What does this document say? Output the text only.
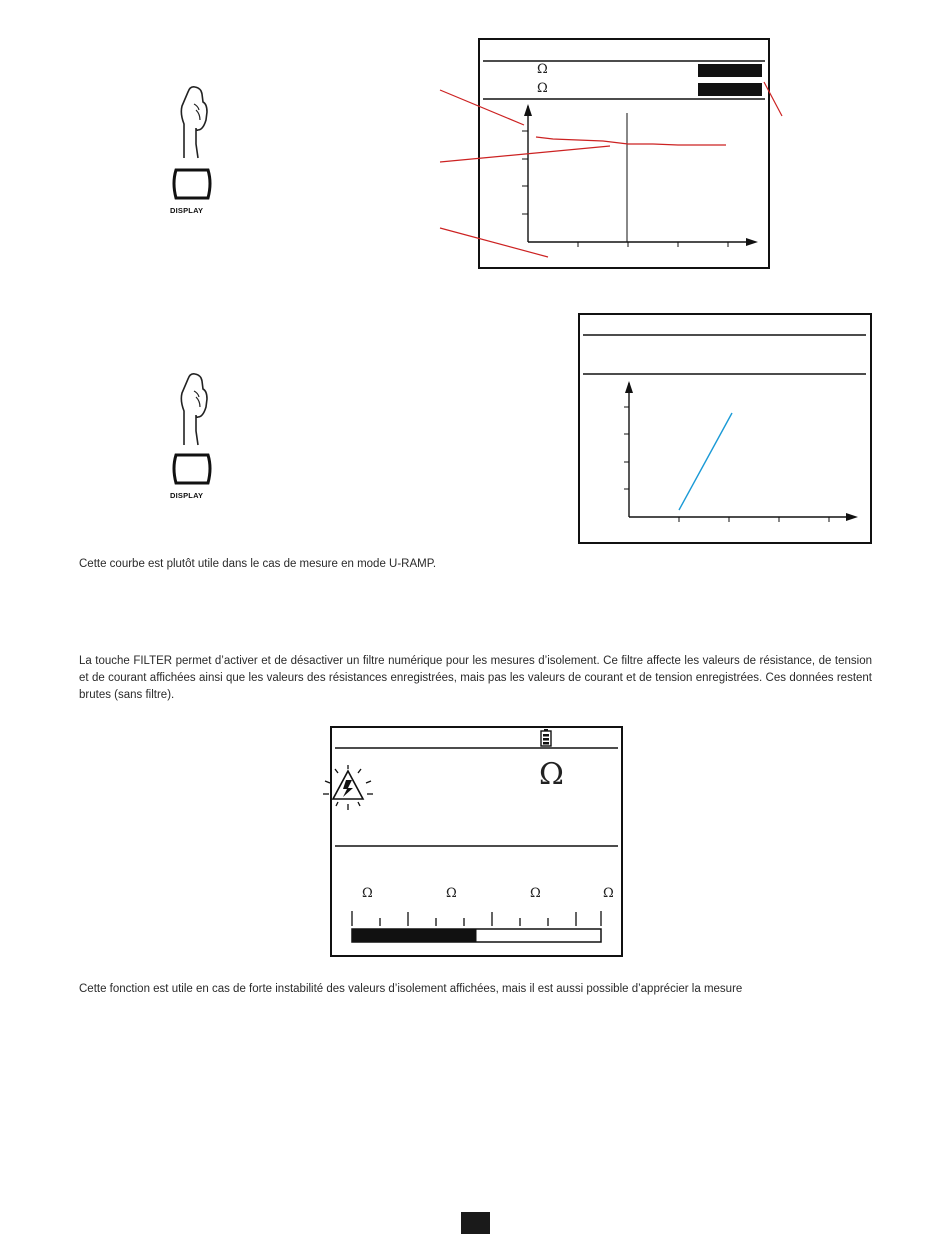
DISPLAY
Ω
Ω
DISPLAY
Cette courbe est plutôt utile dans le cas de mesure en mode U-RAMP.
La touche FILTER permet d’activer et de désactiver un filtre numérique pour les mesures d’isolement. Ce filtre affecte les valeurs de résistance, de tension et de courant affichées ainsi que les valeurs des résistances enregistrées, mais pas les valeurs de courant et de tension enregistrées. Ces données restent brutes (sans filtre).
Ω
Ω	Ω	Ω	Ω
Cette fonction est utile en cas de forte instabilité des valeurs d’isolement affichées, mais il est aussi possible d’apprécier la mesure
